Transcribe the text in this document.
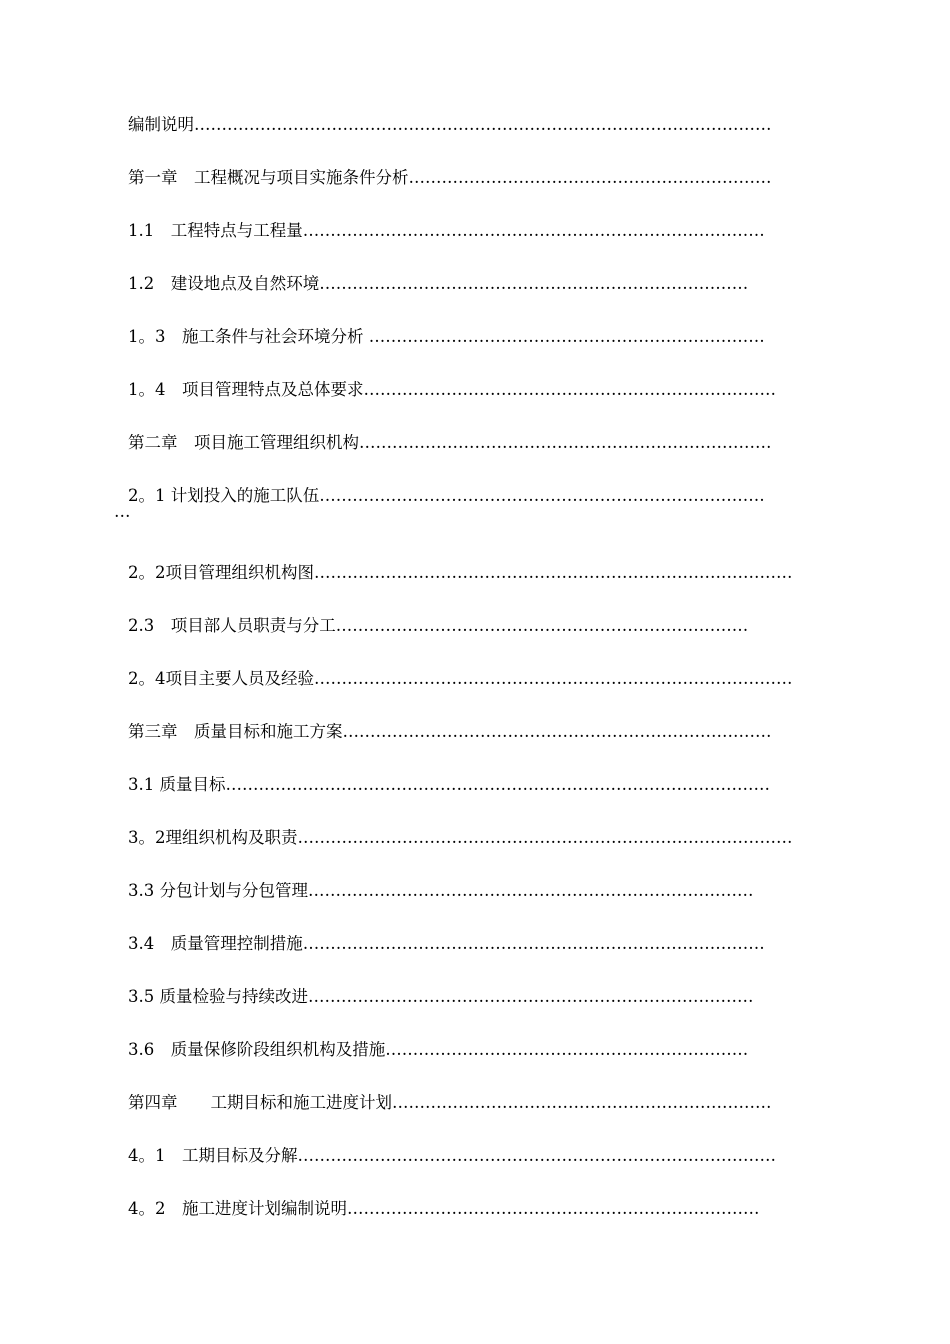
编制说明……………………………………………………………………………………………
第一章　工程概况与项目实施条件分析…………………………………………………………
1.1　工程特点与工程量…………………………………………………………………………
1.2　建设地点及自然环境……………………………………………………………………
1。3　施工条件与社会环境分析 ………………………………………………………………
1。4　项目管理特点及总体要求…………………………………………………………………
第二章　项目施工管理组织机构…………………………………………………………………
2。1 计划投入的施工队伍………………………………………………………………………
…
2。2项目管理组织机构图……………………………………………………………………………
2.3　项目部人员职责与分工…………………………………………………………………
2。4项目主要人员及经验……………………………………………………………………………
第三章　质量目标和施工方案……………………………………………………………………
3.1 质量目标………………………………………………………………………………………
3。2理组织机构及职责………………………………………………………………………………
3.3 分包计划与分包管理………………………………………………………………………
3.4　质量管理控制措施…………………………………………………………………………
3.5 质量检验与持续改进………………………………………………………………………
3.6　质量保修阶段组织机构及措施…………………………………………………………
第四章　　工期目标和施工进度计划……………………………………………………………
4。1　工期目标及分解……………………………………………………………………………
4。2　施工进度计划编制说明…………………………………………………………………
